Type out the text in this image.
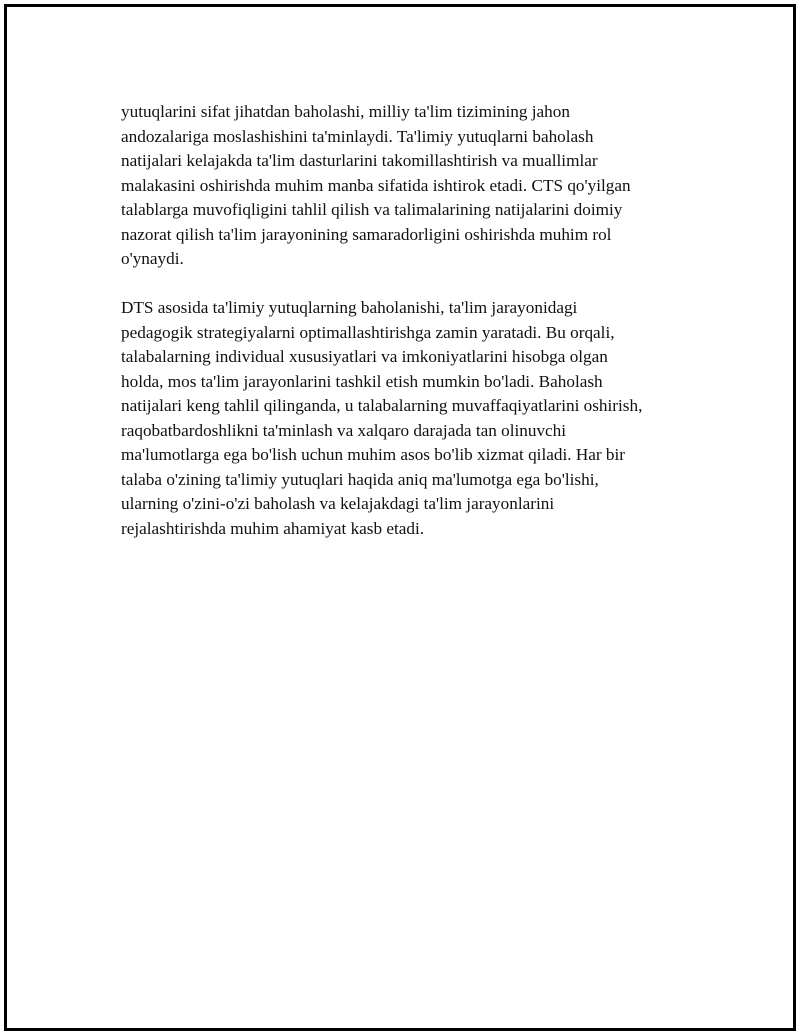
yutuqlarini sifat jihatdan baholashi, milliy ta'lim tizimining jahon
andozalariga moslashishini ta'minlaydi. Ta'limiy yutuqlarni baholash
natijalari kelajakda ta'lim dasturlarini takomillashtirish va muallimlar
malakasini oshirishda muhim manba sifatida ishtirok etadi. CTS qo'yilgan
talablarga muvofiqligini tahlil qilish va talimalarining natijalarini doimiy
nazorat qilish ta'lim jarayonining samaradorligini oshirishda muhim rol
o'ynaydi.

DTS asosida ta'limiy yutuqlarning baholanishi, ta'lim jarayonidagi
pedagogik strategiyalarni optimallashtirishga zamin yaratadi. Bu orqali,
talabalarning individual xususiyatlari va imkoniyatlarini hisobga olgan
holda, mos ta'lim jarayonlarini tashkil etish mumkin bo'ladi. Baholash
natijalari keng tahlil qilinganda, u talabalarning muvaffaqiyatlarini oshirish,
raqobatbardoshlikni ta'minlash va xalqaro darajada tan olinuvchi
ma'lumotlarga ega bo'lish uchun muhim asos bo'lib xizmat qiladi. Har bir
talaba o'zining ta'limiy yutuqlari haqida aniq ma'lumotga ega bo'lishi,
ularning o'zini-o'zi baholash va kelajakdagi ta'lim jarayonlarini
rejalashtirishda muhim ahamiyat kasb etadi.
